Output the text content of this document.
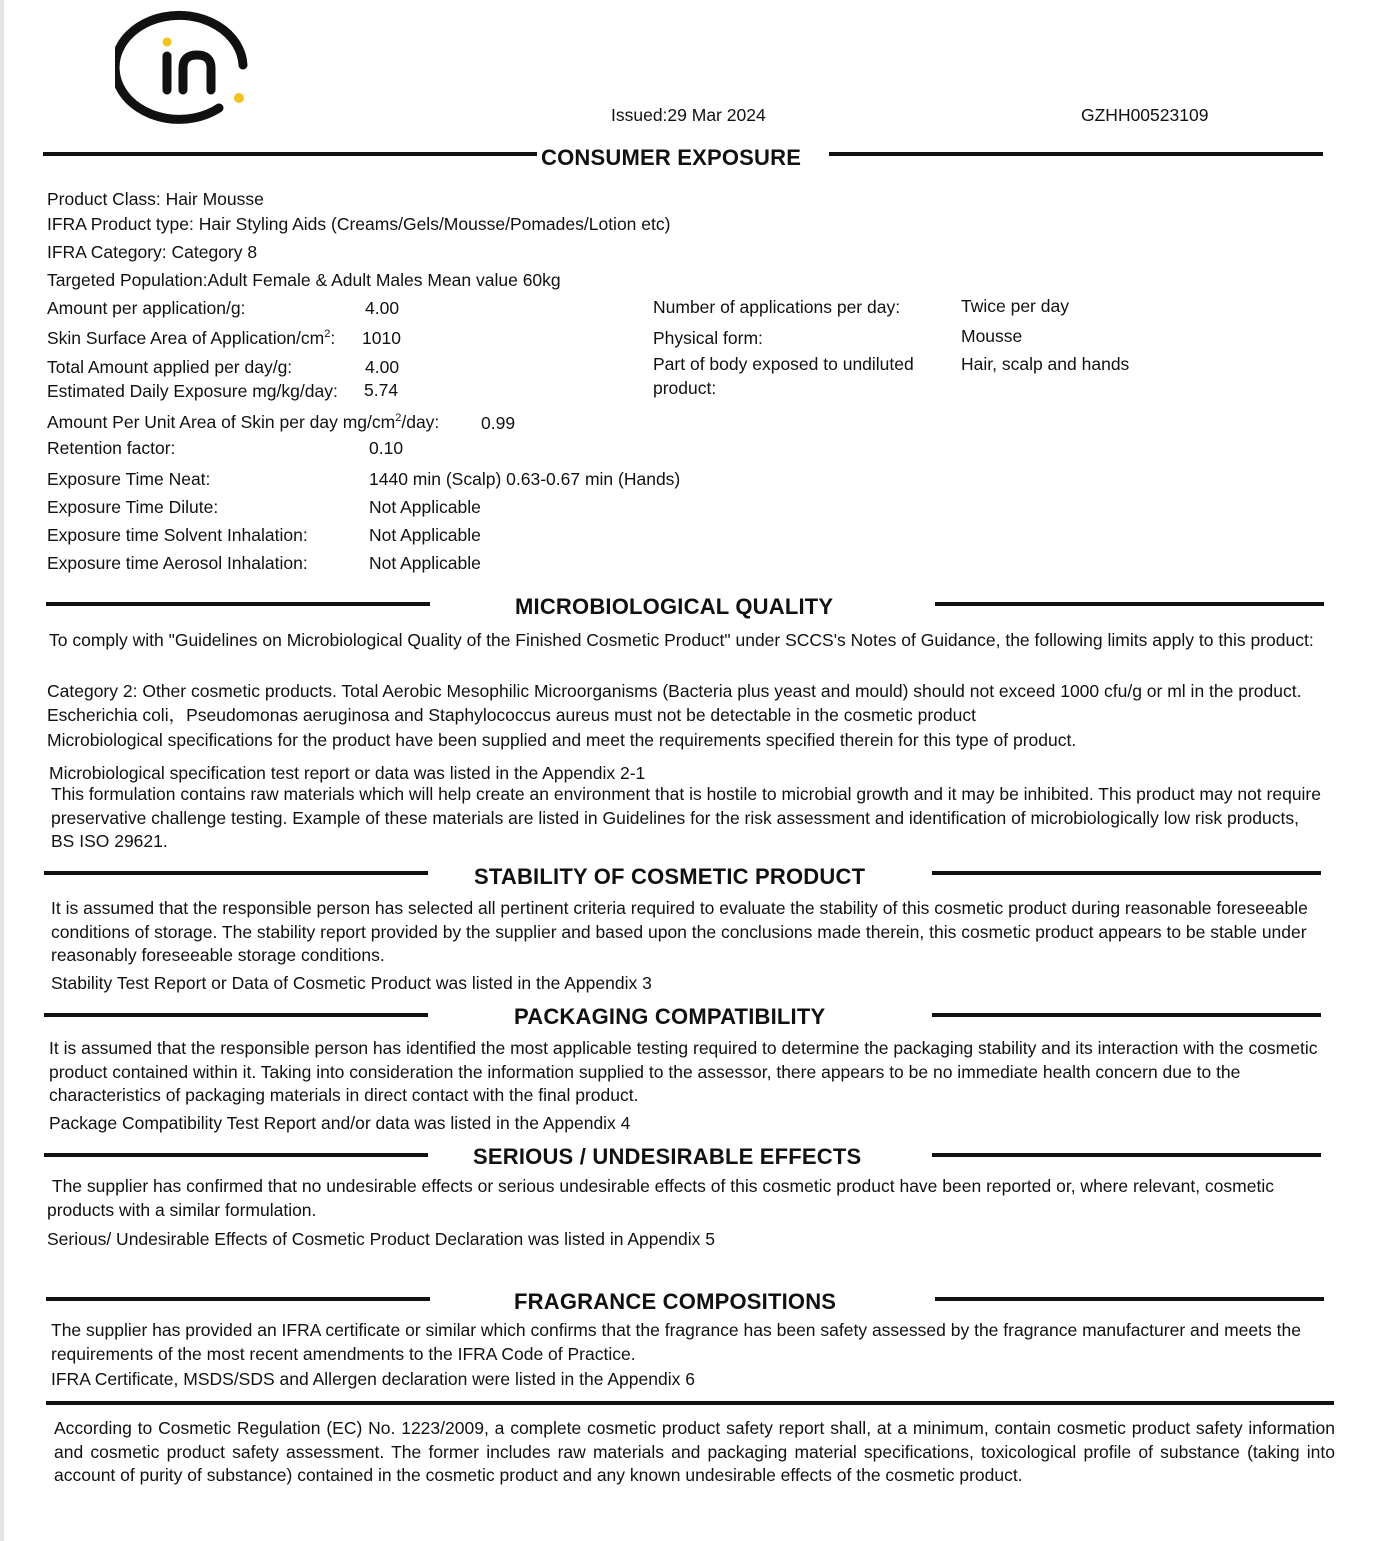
Issued:29 Mar 2024	GZHH00523109
CONSUMER EXPOSURE
Product Class: Hair Mousse
IFRA Product type: Hair Styling Aids (Creams/Gels/Mousse/Pomades/Lotion etc)
IFRA Category: Category 8
Targeted Population:Adult Female & Adult Males Mean value 60kg
Amount per application/g:	4.00
Skin Surface Area of Application/$cm^2$: 1010
Total Amount applied per day/g:	4.00
Estimated Daily Exposure mg/kg/day: 5.74
Number of applications per day:	Twice per day
Physical form:	Mousse
Part of body exposed to undiluted
product:
Hair, scalp and hands
Amount Per Unit Area of Skin per day $mg/cm^2$/day: 0.99
Retention factor:	0.10
Exposure Time Neat:	1440 min (Scalp) 0.63-0.67 min (Hands)
Exposure Time Dilute:	Not Applicable
Exposure time Solvent Inhalation:	Not Applicable
Exposure time Aerosol Inhalation:	Not Applicable
MICROBIOLOGICAL QUALITY
To comply with "Guidelines on Microbiological Quality of the Finished Cosmetic Product" under SCCS's Notes of Guidance, the following limits apply to this product:
Category 2: Other cosmetic products. Total Aerobic Mesophilic Microorganisms (Bacteria plus yeast and mould) should not exceed 1000 cfu/g or ml in the product. Escherichia coli，Pseudomonas aeruginosa and Staphylococcus aureus must not be detectable in the cosmetic product
Microbiological specifications for the product have been supplied and meet the requirements specified therein for this type of product.
Microbiological specification test report or data was listed in the Appendix 2-1
This formulation contains raw materials which will help create an environment that is hostile to microbial growth and it may be inhibited. This product may not require preservative challenge testing. Example of these materials are listed in Guidelines for the risk assessment and identification of microbiologically low risk products, BS ISO 29621.
STABILITY OF COSMETIC PRODUCT
It is assumed that the responsible person has selected all pertinent criteria required to evaluate the stability of this cosmetic product during reasonable foreseeable conditions of storage. The stability report provided by the supplier and based upon the conclusions made therein, this cosmetic product appears to be stable under reasonably foreseeable storage conditions.
Stability Test Report or Data of Cosmetic Product was listed in the Appendix 3
PACKAGING COMPATIBILITY
It is assumed that the responsible person has identified the most applicable testing required to determine the packaging stability and its interaction with the cosmetic product contained within it. Taking into consideration the information supplied to the assessor, there appears to be no immediate health concern due to the characteristics of packaging materials in direct contact with the final product.
Package Compatibility Test Report and/or data was listed in the Appendix 4
SERIOUS / UNDESIRABLE EFFECTS
The supplier has confirmed that no undesirable effects or serious undesirable effects of this cosmetic product have been reported or, where relevant, cosmetic products with a similar formulation.
Serious/ Undesirable Effects of Cosmetic Product Declaration was listed in Appendix 5
FRAGRANCE COMPOSITIONS
The supplier has provided an IFRA certificate or similar which confirms that the fragrance has been safety assessed by the fragrance manufacturer and meets the requirements of the most recent amendments to the IFRA Code of Practice.
IFRA Certificate, MSDS/SDS and Allergen declaration were listed in the Appendix 6
According to Cosmetic Regulation (EC) No. 1223/2009, a complete cosmetic product safety report shall, at a minimum, contain cosmetic product safety information and cosmetic product safety assessment. The former includes raw materials and packaging material specifications, toxicological profile of substance (taking into account of purity of substance) contained in the cosmetic product and any known undesirable effects of the cosmetic product.
